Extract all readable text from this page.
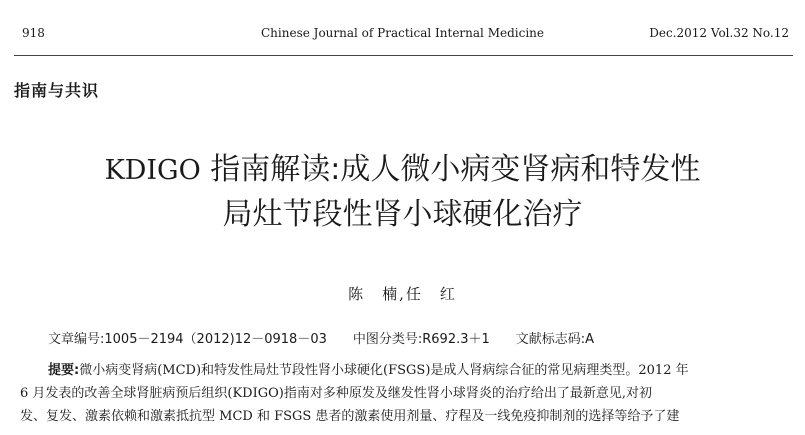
918	Chinese Journal of Practical Internal Medicine	Dec.2012 Vol.32 No.12
指南与共识
KDIGO 指南解读:成人微小病变肾病和特发性
局灶节段性肾小球硬化治疗
陈　楠,任　红
文章编号:1005－2194（2012)12－0918－03 中图分类号:R692.3＋1 文献标志码:A
提要:微小病变肾病(MCD)和特发性局灶节段性肾小球硬化(FSGS)是成人肾病综合征的常见病理类型。2012 年
6 月发表的改善全球肾脏病预后组织(KDIGO)指南对多种原发及继发性肾小球肾炎的治疗给出了最新意见,对初
发、复发、激素依赖和激素抵抗型 MCD 和 FSGS 患者的激素使用剂量、疗程及一线免疫抑制剂的选择等给予了建
